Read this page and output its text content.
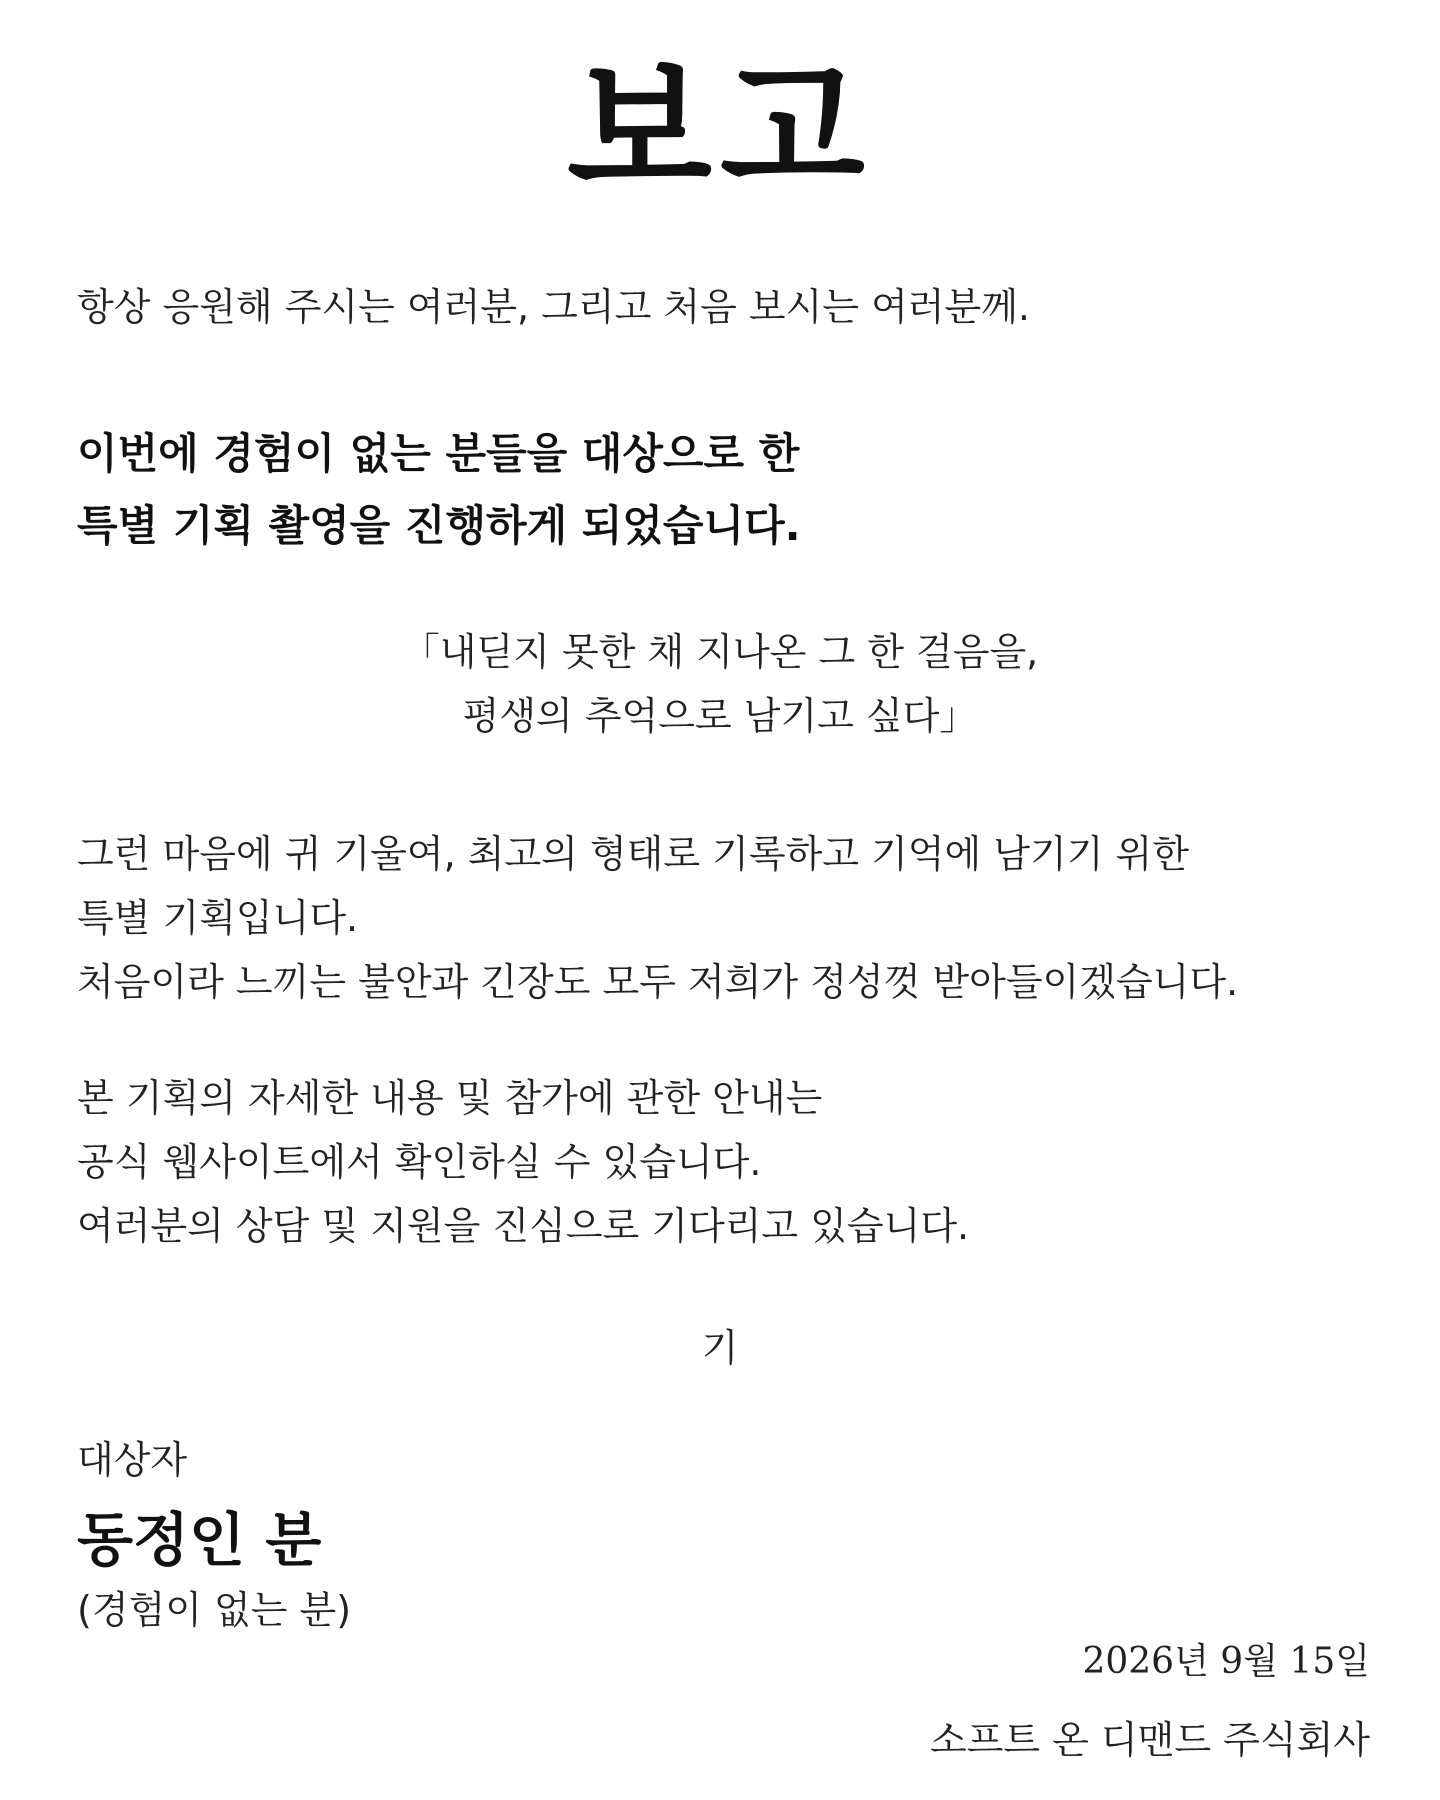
보고
항상 응원해 주시는 여러분, 그리고 처음 보시는 여러분께.
이번에 경험이 없는 분들을 대상으로 한
특별 기획 촬영을 진행하게 되었습니다.
「내딛지 못한 채 지나온 그 한 걸음을,
평생의 추억으로 남기고 싶다」
그런 마음에 귀 기울여, 최고의 형태로 기록하고 기억에 남기기 위한
특별 기획입니다.
처음이라 느끼는 불안과 긴장도 모두 저희가 정성껏 받아들이겠습니다.
본 기획의 자세한 내용 및 참가에 관한 안내는
공식 웹사이트에서 확인하실 수 있습니다.
여러분의 상담 및 지원을 진심으로 기다리고 있습니다.
기
대상자
동정인 분
(경험이 없는 분)
2026년 9월 15일
소프트 온 디맨드 주식회사
